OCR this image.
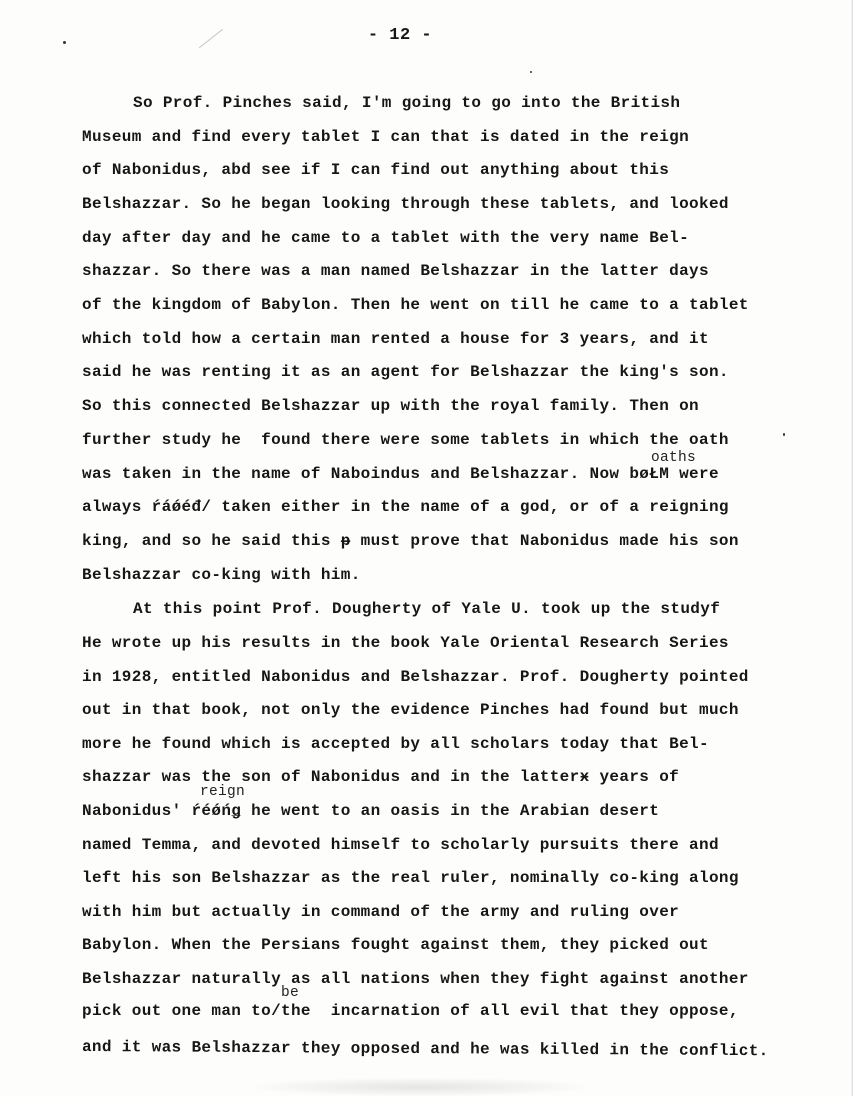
- 12 -
So Prof. Pinches said, I'm going to go into the British
Museum and find every tablet I can that is dated in the reign
of Nabonidus, abd see if I can find out anything about this
Belshazzar. So he began looking through these tablets, and looked
day after day and he came to a tablet with the very name Bel-
shazzar. So there was a man named Belshazzar in the latter days
of the kingdom of Babylon. Then he went on till he came to a tablet
which told how a certain man rented a house for 3 years, and it
said he was renting it as an agent for Belshazzar the king's son.
So this connected Belshazzar up with the royal family. Then on
further study he  found there were some tablets in which the oath
oaths
was taken in the name of Naboindus and Belshazzar. Now bøŁМ were
always ŕáǿéđ/ taken either in the name of a god, or of a reigning
king, and so he said this ᵽ must prove that Nabonidus made his son
Belshazzar co-king with him.
At this point Prof. Dougherty of Yale U. took up the studyf
He wrote up his results in the book Yale Oriental Research Series
in 1928, entitled Nabonidus and Belshazzar. Prof. Dougherty pointed
out in that book, not only the evidence Pinches had found but much
more he found which is accepted by all scholars today that Bel-
shazzar was the son of Nabonidus and in the latterӿ years of
reign
Nabonidus' ŕéǿńǥ he went to an oasis in the Arabian desert
named Temma, and devoted himself to scholarly pursuits there and
left his son Belshazzar as the real ruler, nominally co-king along
with him but actually in command of the army and ruling over
Babylon. When the Persians fought against them, they picked out
Belshazzar naturally as all nations when they fight against another
be
pick out one man to/the  incarnation of all evil that they oppose,
and it was Belshazzar they opposed and he was killed in the conflict.
